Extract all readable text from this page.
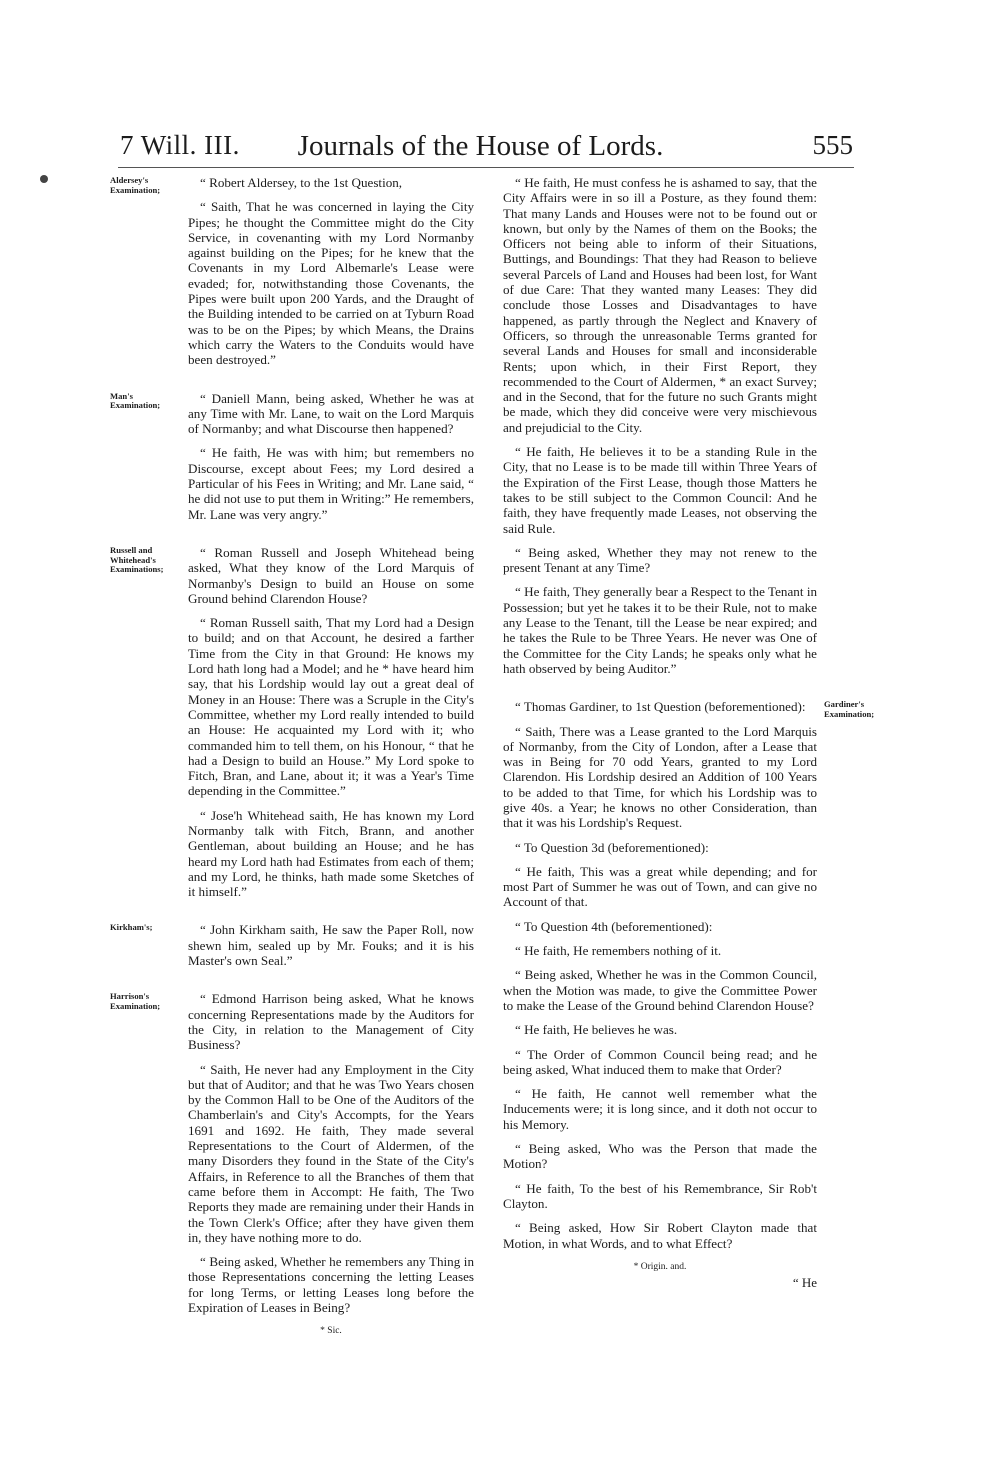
7 Will. III. Journals of the House of Lords.	555
Aldersey's Examination;	“ Robert Aldersey, to the 1st Question,

“ Saith, That he was concerned in laying the City Pipes; he thought the Committee might do the City Service, in covenanting with my Lord Normanby against building on the Pipes; for he knew that the Covenants in my Lord Albemarle's Lease were evaded; for, notwithstanding those Covenants, the Pipes were built upon 200 Yards, and the Draught of the Building intended to be carried on at Tyburn Road was to be on the Pipes; by which Means, the Drains which carry the Waters to the Conduits would have been destroyed.”

Man's Examination;	“ Daniell Mann, being asked, Whether he was at any Time with Mr. Lane, to wait on the Lord Marquis of Normanby; and what Discourse then happened?

“ He faith, He was with him; but remembers no Discourse, except about Fees; my Lord desired a Particular of his Fees in Writing; and Mr. Lane said, “ he did not use to put them in Writing:” He remembers, Mr. Lane was very angry.”

Russell and Whitehead's Examinations;

“ Roman Russell and Joseph Whitehead being asked, What they know of the Lord Marquis of Normanby's Design to build an House on some Ground behind Clarendon House?

“ Roman Russell saith, That my Lord had a Design to build; and on that Account, he desired a farther Time from the City in that Ground: He knows my Lord hath long had a Model; and he * have heard him say, that his Lordship would lay out a great deal of Money in an House: There was a Scruple in the City's Committee, whether my Lord really intended to build an House: He acquainted my Lord with it; who commanded him to tell them, on his Honour, “ that he had a Design to build an House.” My Lord spoke to Fitch, Bran, and Lane, about it; it was a Year's Time depending in the Committee.”

“ Jose'h Whitehead saith, He has known my Lord Normanby talk with Fitch, Brann, and another Gentleman, about building an House; and he has heard my Lord hath had Estimates from each of them; and my Lord, he thinks, hath made some Sketches of it himself.”

Kirkham's;	“ John Kirkham saith, He saw the Paper Roll, now shewn him, sealed up by Mr. Fouks; and it is his Master's own Seal.”

Harrison's Examination;	“ Edmond Harrison being asked, What he knows concerning Representations made by the Auditors for the City, in relation to the Management of City Business?

“ Saith, He never had any Employment in the City but that of Auditor; and that he was Two Years chosen by the Common Hall to be One of the Auditors of the Chamberlain's and City's Accompts, for the Years 1691 and 1692. He faith, They made several Representations to the Court of Aldermen, of the many Disorders they found in the State of the City's Affairs, in Reference to all the Branches of them that came before them in Accompt: He faith, The Two Reports they made are remaining under their Hands in the Town Clerk's Office; after they have given them in, they have nothing more to do.

“ Being asked, Whether he remembers any Thing in those Representations concerning the letting Leases for long Terms, or letting Leases long before the Expiration of Leases in Being?

* Sic.

“ He faith, He must confess he is ashamed to say, that the City Affairs were in so ill a Posture, as they found them: That many Lands and Houses were not to be found out or known, but only by the Names of them on the Books; the Officers not being able to inform of their Situations, Buttings, and Boundings: That they had Reason to believe several Parcels of Land and Houses had been lost, for Want of due Care: That they wanted many Leases: They did conclude those Losses and Disadvantages to have happened, as partly through the Neglect and Knavery of Officers, so through the unreasonable Terms granted for several Lands and Houses for small and inconsiderable Rents; upon which, in their First Report, they recommended to the Court of Aldermen, * an exact Survey; and in the Second, that for the future no such Grants might be made, which they did conceive were very mischievous and prejudicial to the City.

“ He faith, He believes it to be a standing Rule in the City, that no Lease is to be made till within Three Years of the Expiration of the First Lease, though those Matters he takes to be still subject to the Common Council: And he faith, they have frequently made Leases, not observing the said Rule.

“ Being asked, Whether they may not renew to the present Tenant at any Time?

“ He faith, They generally bear a Respect to the Tenant in Possession; but yet he takes it to be their Rule, not to make any Lease to the Tenant, till the Lease be near expired; and he takes the Rule to be Three Years. He never was One of the Committee for the City Lands; he speaks only what he hath observed by being Auditor.”

Gardiner's Examination;

“ Thomas Gardiner, to 1st Question (beforementioned):

“ Saith, There was a Lease granted to the Lord Marquis of Normanby, from the City of London, after a Lease that was in Being for 70 odd Years, granted to my Lord Clarendon. His Lordship desired an Addition of 100 Years to be added to that Time, for which his Lordship was to give 40s. a Year; he knows no other Consideration, than that it was his Lordship's Request.

“ To Question 3d (beforementioned):

“ He faith, This was a great while depending; and for most Part of Summer he was out of Town, and can give no Account of that.

“ To Question 4th (beforementioned):

“ He faith, He remembers nothing of it.

“ Being asked, Whether he was in the Common Council, when the Motion was made, to give the Committee Power to make the Lease of the Ground behind Clarendon House?

“ He faith, He believes he was.

“ The Order of Common Council being read; and he being asked, What induced them to make that Order?

“ He faith, He cannot well remember what the Inducements were; it is long since, and it doth not occur to his Memory.

“ Being asked, Who was the Person that made the Motion?

“ He faith, To the best of his Remembrance, Sir Rob't Clayton.

“ Being asked, How Sir Robert Clayton made that Motion, in what Words, and to what Effect?

* Origin. and.
“ He
